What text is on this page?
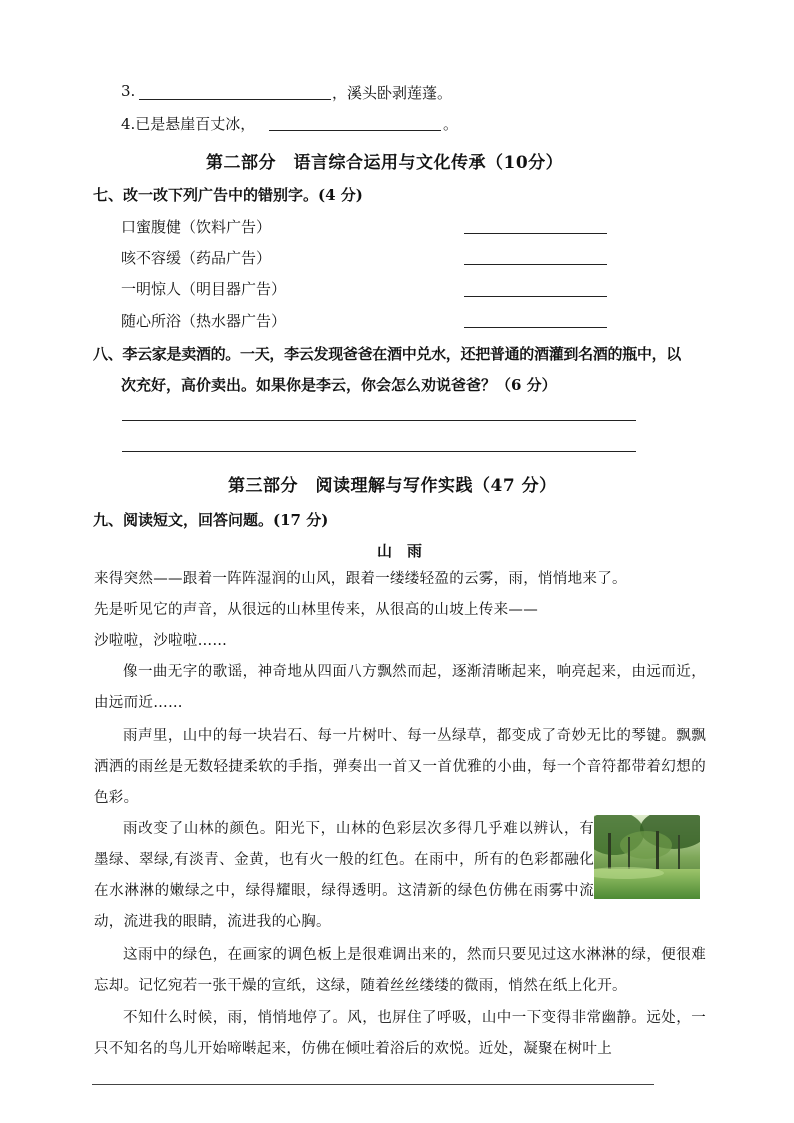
3.	，溪头卧剥莲蓬。
4.已是悬崖百丈冰，	。
第二部分　语言综合运用与文化传承（10分）
七、改一改下列广告中的错别字。(4 分)
口蜜腹健（饮料广告）
咳不容缓（药品广告）
一明惊人（明目器广告）
随心所浴（热水器广告）
八、李云家是卖酒的。一天，李云发现爸爸在酒中兑水，还把普通的酒灌到名酒的瓶中，以
次充好，高价卖出。如果你是李云，你会怎么劝说爸爸？（6 分）
第三部分　阅读理解与写作实践（47 分）
九、阅读短文，回答问题。(17 分)
山　雨
来得突然——跟着一阵阵湿润的山风，跟着一缕缕轻盈的云雾，雨，悄悄地来了。
先是听见它的声音，从很远的山林里传来，从很高的山坡上传来——
沙啦啦，沙啦啦……
像一曲无字的歌谣，神奇地从四面八方飘然而起，逐渐清晰起来，响亮起来，由远而近，由远而近……
雨声里，山中的每一块岩石、每一片树叶、每一丛绿草，都变成了奇妙无比的琴键。飘飘洒洒的雨丝是无数轻捷柔软的手指，弹奏出一首又一首优雅的小曲，每一个音符都带着幻想的色彩。
雨改变了山林的颜色。阳光下，山林的色彩层次多得几乎难以辨认，有墨绿、翠绿,有淡青、金黄，也有火一般的红色。在雨中，所有的色彩都融化在水淋淋的嫩绿之中，绿得耀眼，绿得透明。这清新的绿色仿佛在雨雾中流动，流进我的眼睛，流进我的心胸。
这雨中的绿色，在画家的调色板上是很难调出来的，然而只要见过这水淋淋的绿，便很难忘却。记忆宛若一张干燥的宣纸，这绿，随着丝丝缕缕的微雨，悄然在纸上化开。
不知什么时候，雨，悄悄地停了。风，也屏住了呼吸，山中一下变得非常幽静。远处，一只不知名的鸟儿开始啼啭起来，仿佛在倾吐着浴后的欢悦。近处，凝聚在树叶上
